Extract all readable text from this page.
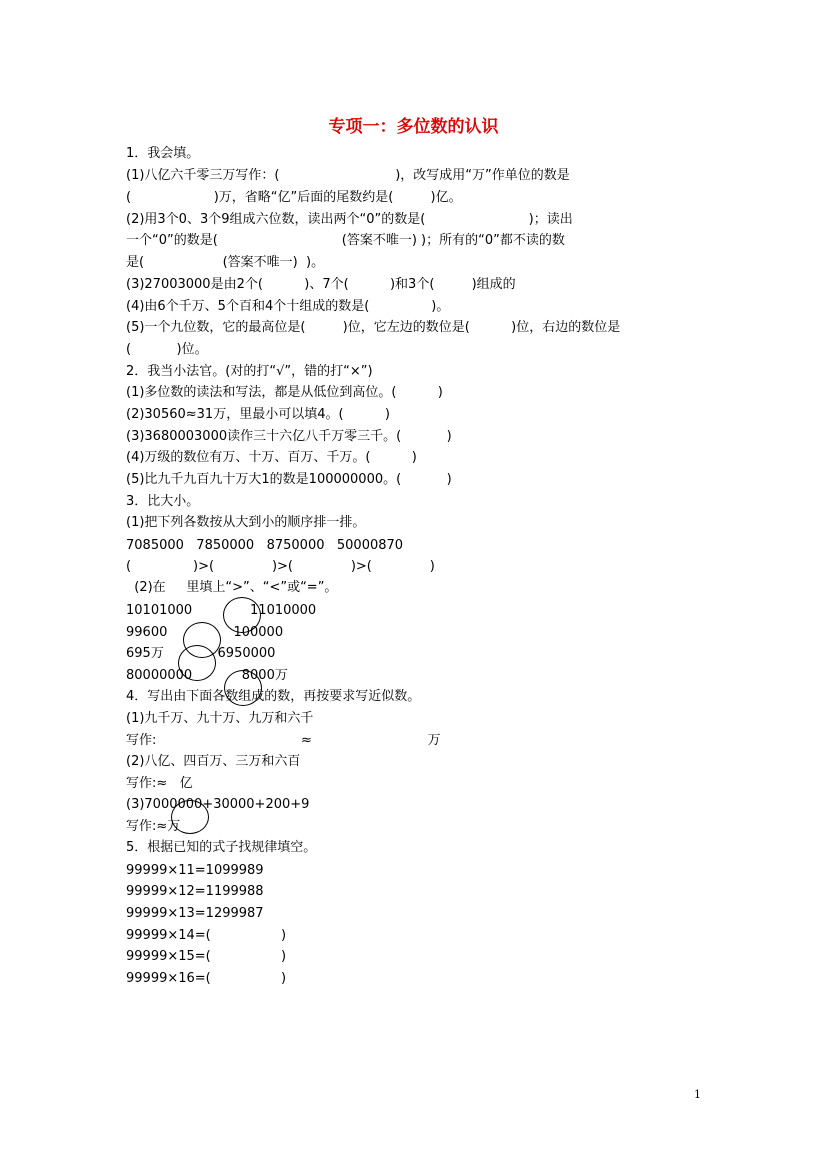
专项一：多位数的认识
1．我会填。
(1)八亿六千零三万写作：(                            )，改写成用“万”作单位的数是
(                    )万，省略“亿”后面的尾数约是(         )亿。
(2)用3个0、3个9组成六位数，读出两个“0”的数是(                         )；读出
一个“0”的数是(                              (答案不唯一) )；所有的“0”都不读的数
是(                   (答案不唯一)  )。
(3)27003000是由2个(          )、7个(          )和3个(         )组成的
(4)由6个千万、5个百和4个十组成的数是(               )。
(5)一个九位数，它的最高位是(         )位，它左边的数位是(          )位，右边的数位是
(           )位。
2．我当小法官。(对的打“√”，错的打“×”)
(1)多位数的读法和写法，都是从低位到高位。(          )
(2)30560≈31万，里最小可以填4。(          )
(3)3680003000读作三十六亿八千万零三千。(           )
(4)万级的数位有万、十万、百万、千万。(          )
(5)比九千九百九十万大1的数是100000000。(           )
3．比大小。
(1)把下列各数按从大到小的顺序排一排。
7085000   7850000   8750000   50000870
(               )>(              )>(              )>(              )
(2)在     里填上“>”、“<”或“=”。
10101000              11010000
99600                100000
695万             6950000
80000000            8000万
4．写出由下面各数组成的数，再按要求写近似数。
(1)九千万、九十万、九万和六千
写作:                                   ≈                            万
(2)八亿、四百万、三万和六百
写作:≈   亿
(3)7000000+30000+200+9
写作:≈万
5．根据已知的式子找规律填空。
99999×11=1099989
99999×12=1199988
99999×13=1299987
99999×14=(                 )
99999×15=(                 )
99999×16=(                 )
1
